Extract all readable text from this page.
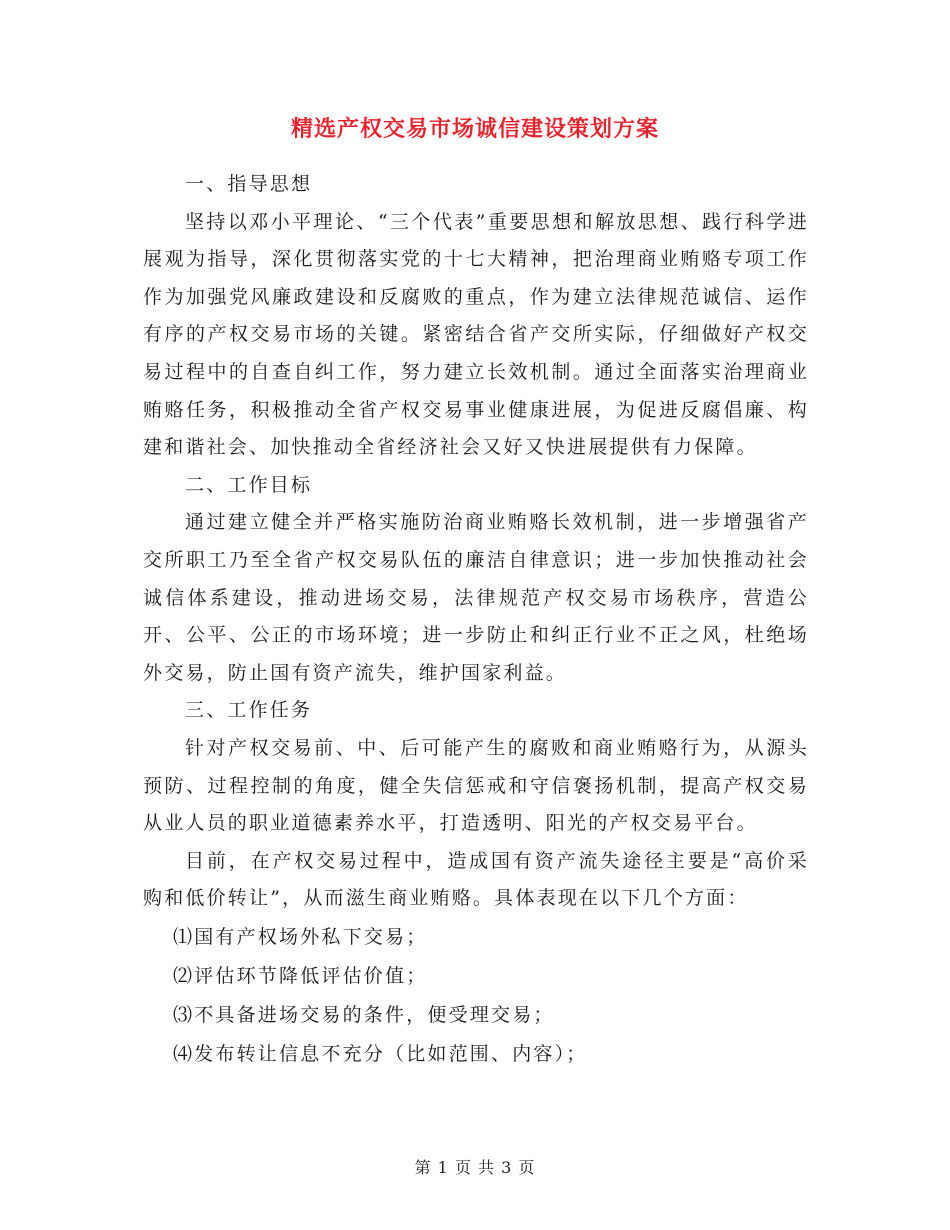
精选产权交易市场诚信建设策划方案

一、指导思想

坚持以邓小平理论、“三个代表”重要思想和解放思想、践行科学进展观为指导，深化贯彻落实党的十七大精神，把治理商业贿赂专项工作作为加强党风廉政建设和反腐败的重点，作为建立法律规范诚信、运作有序的产权交易市场的关键。紧密结合省产交所实际，仔细做好产权交易过程中的自查自纠工作，努力建立长效机制。通过全面落实治理商业贿赂任务，积极推动全省产权交易事业健康进展，为促进反腐倡廉、构建和谐社会、加快推动全省经济社会又好又快进展提供有力保障。

二、工作目标

通过建立健全并严格实施防治商业贿赂长效机制，进一步增强省产交所职工乃至全省产权交易队伍的廉洁自律意识；进一步加快推动社会诚信体系建设，推动进场交易，法律规范产权交易市场秩序，营造公开、公平、公正的市场环境；进一步防止和纠正行业不正之风，杜绝场外交易，防止国有资产流失，维护国家利益。

三、工作任务

针对产权交易前、中、后可能产生的腐败和商业贿赂行为，从源头预防、过程控制的角度，健全失信惩戒和守信褒扬机制，提高产权交易从业人员的职业道德素养水平，打造透明、阳光的产权交易平台。

目前，在产权交易过程中，造成国有资产流失途径主要是“高价采购和低价转让”，从而滋生商业贿赂。具体表现在以下几个方面：

⑴国有产权场外私下交易；

⑵评估环节降低评估价值；

⑶不具备进场交易的条件，便受理交易；

⑷发布转让信息不充分（比如范围、内容）；

第 1 页 共 3 页
